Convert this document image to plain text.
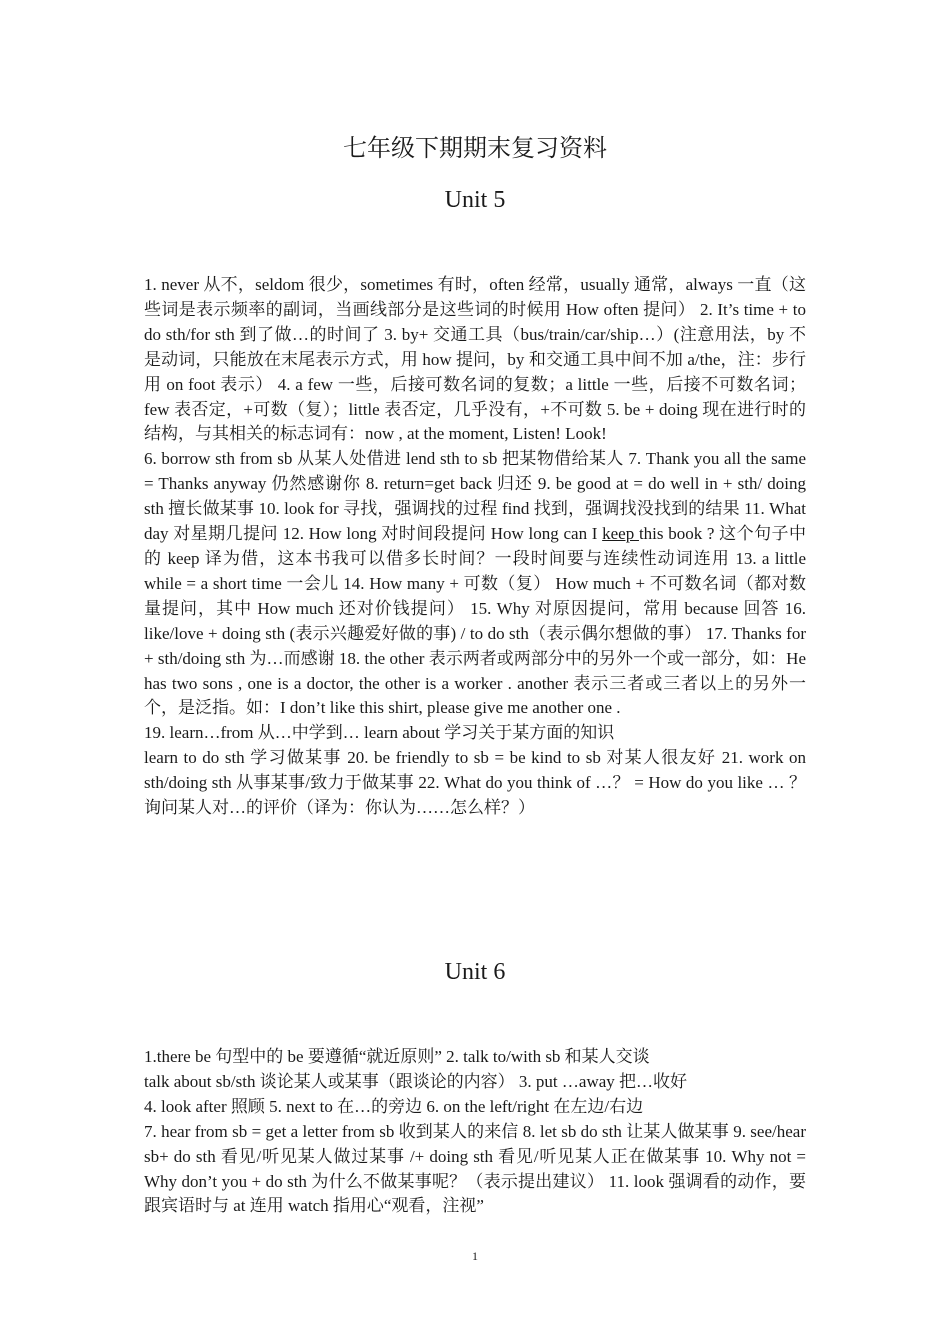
七年级下期期末复习资料
Unit 5

1. never 从不，seldom 很少，sometimes 有时，often 经常，usually 通常，always 一直（这些词是表示频率的副词，当画线部分是这些词的时候用 How often 提问） 2. It’s time + to do sth/for sth 到了做…的时间了 3. by+ 交通工具（bus/train/car/ship…）(注意用法，by 不是动词，只能放在末尾表示方式，用 how 提问，by 和交通工具中间不加 a/the，注：步行用 on foot 表示） 4. a few 一些，后接可数名词的复数；a little 一些，后接不可数名词；few 表否定，+可数（复）；little 表否定，几乎没有，+不可数 5. be + doing 现在进行时的结构，与其相关的标志词有：now , at the moment, Listen! Look!

6. borrow sth from sb 从某人处借进 lend sth to sb 把某物借给某人 7. Thank you all the same = Thanks anyway 仍然感谢你 8. return=get back 归还 9. be good at = do well in + sth/ doing sth 擅长做某事 10. look for 寻找，强调找的过程 find 找到，强调找没找到的结果 11. What day 对星期几提问 12. How long 对时间段提问 How long can I keep this book ? 这个句子中的 keep 译为借，这本书我可以借多长时间？一段时间要与连续性动词连用 13. a little while = a short time 一会儿 14. How many + 可数（复） How much + 不可数名词（都对数量提问，其中 How much 还对价钱提问） 15. Why 对原因提问，常用 because 回答 16. like/love + doing sth (表示兴趣爱好做的事) / to do sth（表示偶尔想做的事） 17. Thanks for + sth/doing sth 为…而感谢 18. the other 表示两者或两部分中的另外一个或一部分，如：He has two sons , one is a doctor, the other is a worker . another 表示三者或三者以上的另外一个，是泛指。如：I don’t like this shirt, please give me another one .

19. learn…from 从…中学到… learn about 学习关于某方面的知识

learn to do sth 学习做某事 20. be friendly to sb = be kind to sb 对某人很友好 21. work on sth/doing sth 从事某事/致力于做某事 22. What do you think of …？ = How do you like … ？ 询问某人对…的评价（译为：你认为……怎么样？）

Unit 6

1.there be 句型中的 be 要遵循“就近原则” 2. talk to/with sb 和某人交谈

talk about sb/sth 谈论某人或某事（跟谈论的内容） 3. put …away 把…收好

4. look after 照顾 5. next to 在…的旁边 6. on the left/right 在左边/右边

7. hear from sb = get a letter from sb 收到某人的来信 8. let sb do sth 让某人做某事 9. see/hear sb+ do sth 看见/听见某人做过某事 /+ doing sth 看见/听见某人正在做某事 10. Why not = Why don’t you + do sth 为什么不做某事呢？（表示提出建议） 11. look 强调看的动作，要跟宾语时与 at 连用 watch 指用心“观看，注视”

1
